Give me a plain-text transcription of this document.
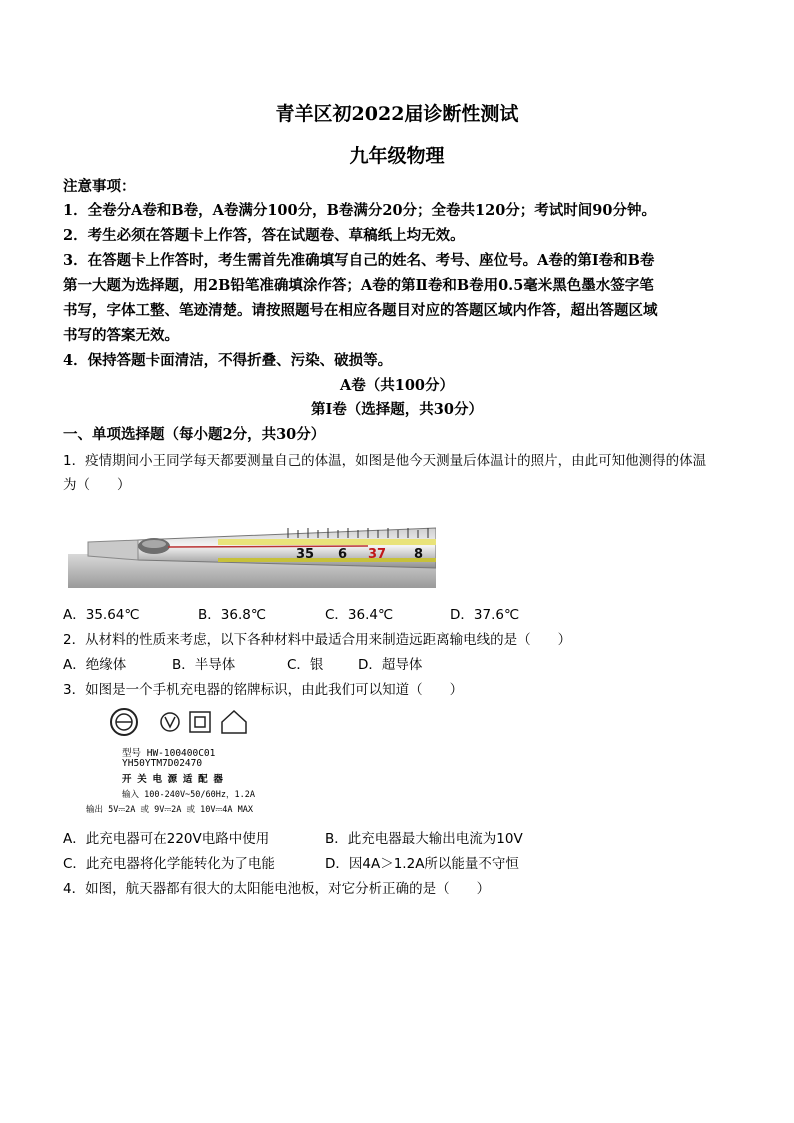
青羊区初2022届诊断性测试
九年级物理
注意事项：
1．全卷分A卷和B卷，A卷满分100分，B卷满分20分；全卷共120分；考试时间90分钟。
2．考生必须在答题卡上作答，答在试题卷、草稿纸上均无效。
3．在答题卡上作答时，考生需首先准确填写自己的姓名、考号、座位号。A卷的第Ⅰ卷和B卷
第一大题为选择题，用2B铅笔准确填涂作答；A卷的第Ⅱ卷和B卷用0.5毫米黑色墨水签字笔
书写，字体工整、笔迹清楚。请按照题号在相应各题目对应的答题区域内作答，超出答题区域
书写的答案无效。
4．保持答题卡面清洁，不得折叠、污染、破损等。
A卷（共100分）
第Ⅰ卷（选择题，共30分）
一、单项选择题（每小题2分，共30分）
1．疫情期间小王同学每天都要测量自己的体温，如图是他今天测量后体温计的照片，由此可知他测得的体温
为（　　）
35 6 37 8
A．35.64℃	B．36.8℃	C．36.4℃	D．37.6℃
2．从材料的性质来考虑，以下各种材料中最适合用来制造远距离输电线的是（　　）
A．绝缘体	B．半导体	C．银	D．超导体
3．如图是一个手机充电器的铭牌标识，由此我们可以知道（　　）
型号 HW-100400C01
YH50YTM7D02470
开 关 电 源 适 配 器
输入 100-240V~50/60Hz，1.2A
输出 5V⎓2A 或 9V⎓2A 或 10V⎓4A MAX
A．此充电器可在220V电路中使用	B．此充电器最大输出电流为10V
C．此充电器将化学能转化为了电能	D．因4A＞1.2A所以能量不守恒
4．如图，航天器都有很大的太阳能电池板，对它分析正确的是（　　）
